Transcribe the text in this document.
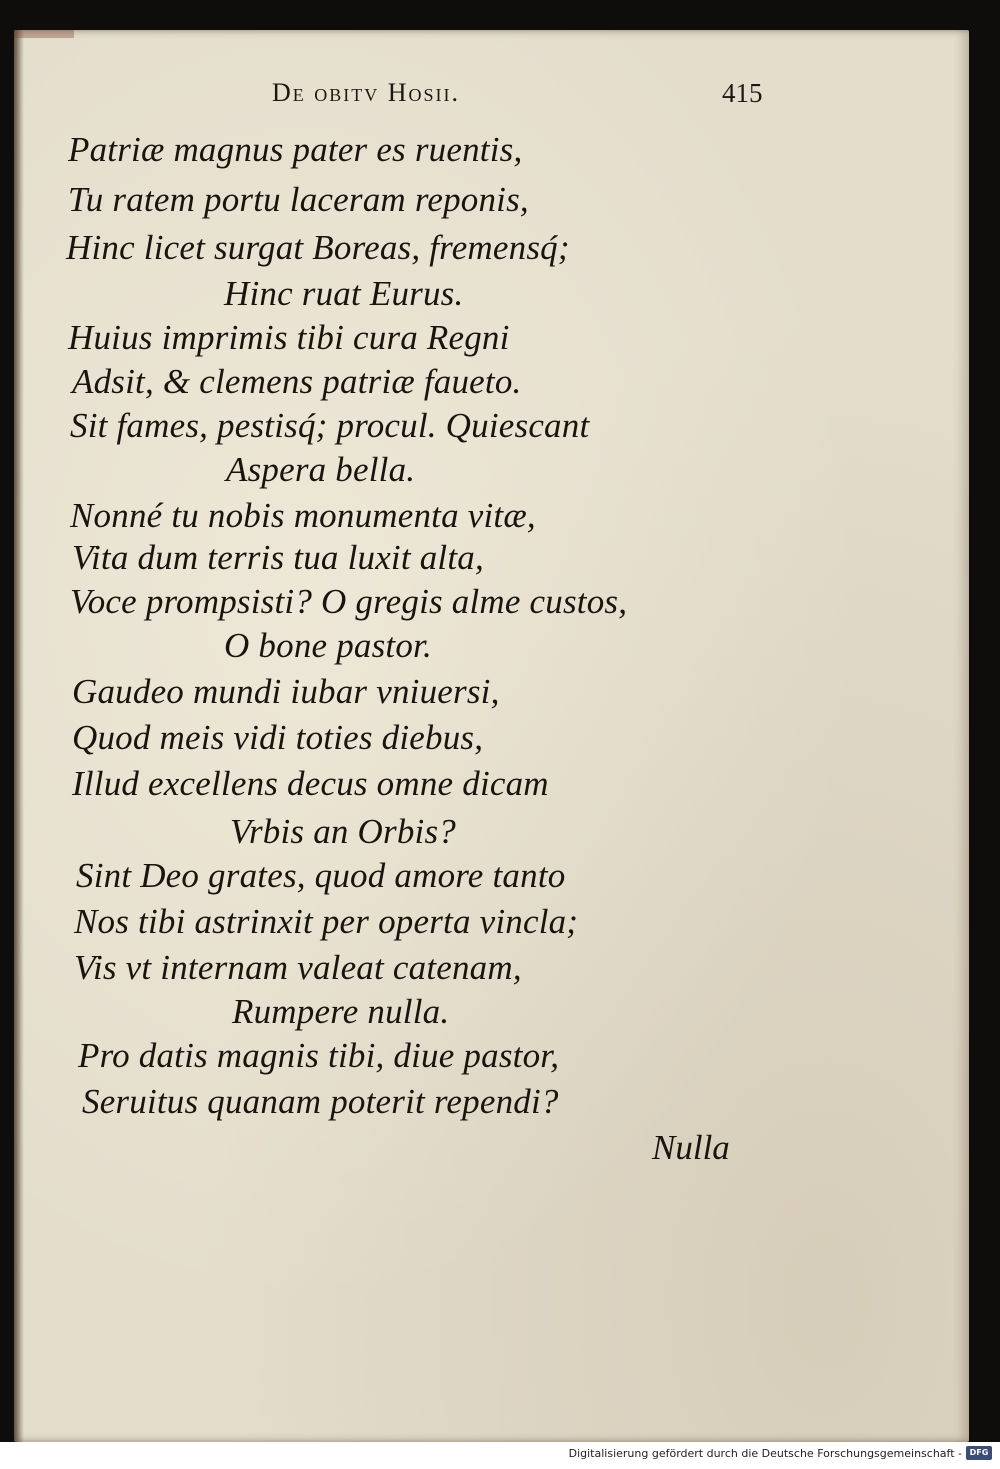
De obitv Hosii.	415
Patriæ magnus pater es ruentis,
Tu ratem portu laceram reponis,
Hinc licet surgat Boreas, fremensq́;
Hinc ruat Eurus.
Huius imprimis tibi cura Regni
Adsit, & clemens patriæ faueto.
Sit fames, pestisq́; procul. Quiescant
Aspera bella.
Nonné tu nobis monumenta vitæ,
Vita dum terris tua luxit alta,
Voce prompsisti? O gregis alme custos,
O bone pastor.
Gaudeo mundi iubar vniuersi,
Quod meis vidi toties diebus,
Illud excellens decus omne dicam
Vrbis an Orbis?
Sint Deo grates, quod amore tanto
Nos tibi astrinxit per operta vincla;
Vis vt internam valeat catenam,
Rumpere nulla.
Pro datis magnis tibi, diue pastor,
Seruitus quanam poterit rependi?
Nulla
Digitalisierung gefördert durch die Deutsche Forschungsgemeinschaft - DFG
